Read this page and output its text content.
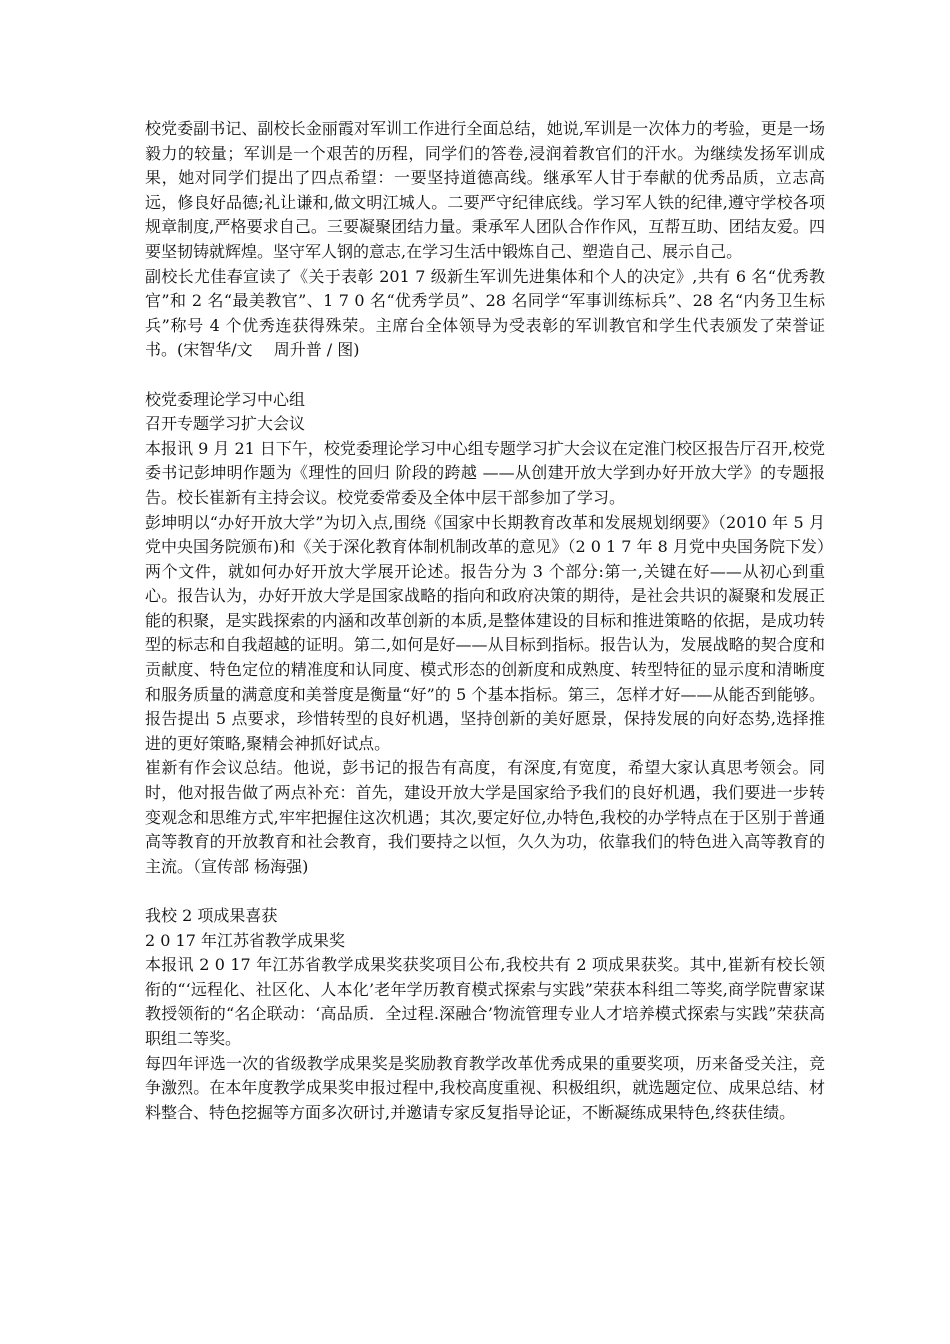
校党委副书记、副校长金丽霞对军训工作进行全面总结，她说,军训是一次体力的考验，更是一场毅力的较量；军训是一个艰苦的历程，同学们的答卷,浸润着教官们的汗水。为继续发扬军训成果，她对同学们提出了四点希望：一要坚持道德高线。继承军人甘于奉献的优秀品质，立志高远，修良好品德;礼让谦和,做文明江城人。二要严守纪律底线。学习军人铁的纪律,遵守学校各项规章制度,严格要求自己。三要凝聚团结力量。秉承军人团队合作作风，互帮互助、团结友爱。四要坚韧铸就辉煌。坚守军人钢的意志,在学习生活中锻炼自己、塑造自己、展示自己。

副校长尤佳春宣读了《关于表彰 201 7 级新生军训先进集体和个人的决定》,共有 6 名“优秀教官”和 2 名“最美教官”、1 7 0 名“优秀学员”、28 名同学“军事训练标兵”、28 名“内务卫生标兵”称号 4 个优秀连获得殊荣。主席台全体领导为受表彰的军训教官和学生代表颁发了荣誉证书。(宋智华/文　 周升普 / 图)

校党委理论学习中心组

召开专题学习扩大会议

本报讯 9 月 21 日下午，校党委理论学习中心组专题学习扩大会议在定淮门校区报告厅召开,校党委书记彭坤明作题为《理性的回归 阶段的跨越 ——从创建开放大学到办好开放大学》的专题报告。校长崔新有主持会议。校党委常委及全体中层干部参加了学习。

彭坤明以“办好开放大学”为切入点,围绕《国家中长期教育改革和发展规划纲要》（2010 年 5 月党中央国务院颁布)和《关于深化教育体制机制改革的意见》（2 0 1 7 年 8 月党中央国务院下发）两个文件，就如何办好开放大学展开论述。报告分为 3 个部分:第一,关键在好——从初心到重心。报告认为，办好开放大学是国家战略的指向和政府决策的期待，是社会共识的凝聚和发展正能的积聚，是实践探索的内涵和改革创新的本质,是整体建设的目标和推进策略的依据，是成功转型的标志和自我超越的证明。第二,如何是好——从目标到指标。报告认为，发展战略的契合度和贡献度、特色定位的精准度和认同度、模式形态的创新度和成熟度、转型特征的显示度和清晰度和服务质量的满意度和美誉度是衡量“好”的 5 个基本指标。第三，怎样才好——从能否到能够。报告提出 5 点要求，珍惜转型的良好机遇，坚持创新的美好愿景，保持发展的向好态势,选择推进的更好策略,聚精会神抓好试点。

崔新有作会议总结。他说，彭书记的报告有高度，有深度,有宽度，希望大家认真思考领会。同时，他对报告做了两点补充：首先，建设开放大学是国家给予我们的良好机遇，我们要进一步转变观念和思维方式,牢牢把握住这次机遇；其次,要定好位,办特色,我校的办学特点在于区别于普通高等教育的开放教育和社会教育，我们要持之以恒，久久为功，依靠我们的特色进入高等教育的主流。（宣传部 杨海强)

我校 2 项成果喜获

2 0 17 年江苏省教学成果奖

本报讯 2 0 17 年江苏省教学成果奖获奖项目公布,我校共有 2 项成果获奖。其中,崔新有校长领衔的“‘远程化、社区化、人本化’老年学历教育模式探索与实践”荣获本科组二等奖,商学院曹家谋教授领衔的“名企联动：‘高品质．全过程.深融合’物流管理专业人才培养模式探索与实践”荣获高职组二等奖。

每四年评选一次的省级教学成果奖是奖励教育教学改革优秀成果的重要奖项，历来备受关注，竞争激烈。在本年度教学成果奖申报过程中,我校高度重视、积极组织，就选题定位、成果总结、材料整合、特色挖掘等方面多次研讨,并邀请专家反复指导论证，不断凝练成果特色,终获佳绩。
